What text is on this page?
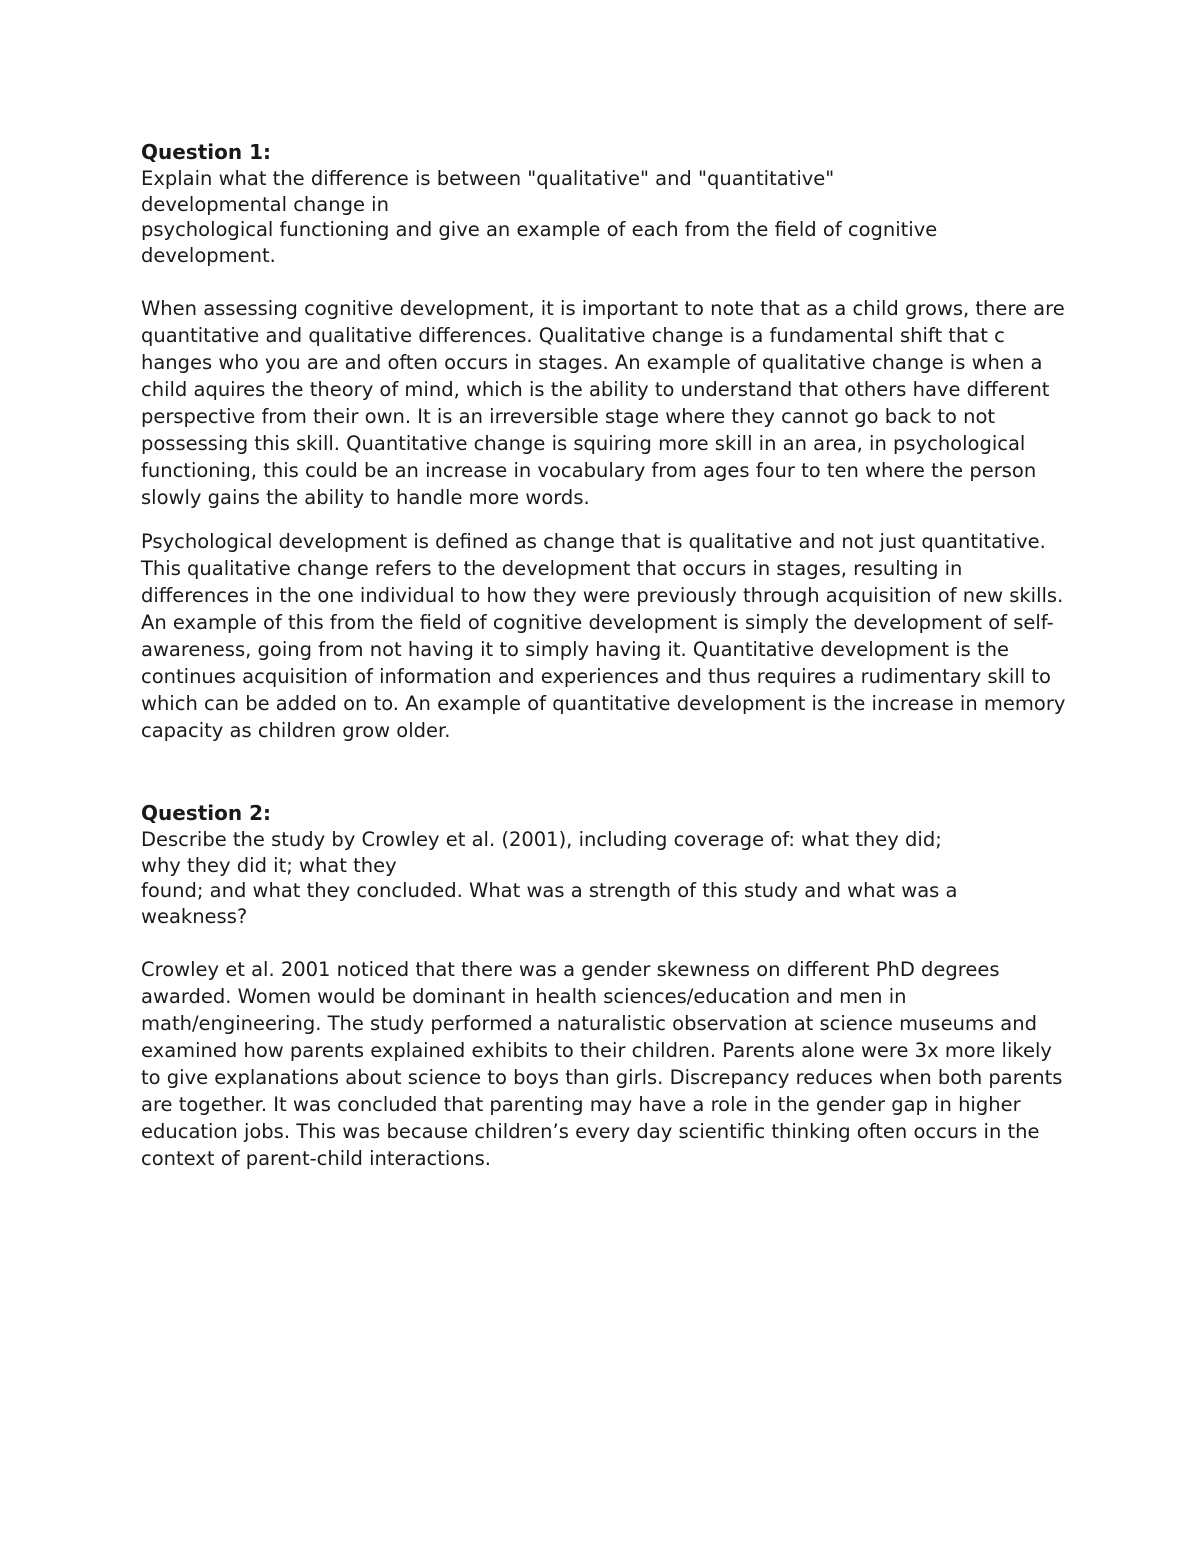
Question 1:

Explain what the difference is between "qualitative" and "quantitative"

developmental change in

psychological functioning and give an example of each from the field of cognitive

development.

When assessing cognitive development, it is important to note that as a child grows, there are quantitative and qualitative differences. Qualitative change is a fundamental shift that c hanges who you are and often occurs in stages. An example of qualitative change is when a child aquires the theory of mind, which is the ability to understand that others have different perspective from their own. It is an irreversible stage where they cannot go back to not possessing this skill. Quantitative change is squiring more skill in an area, in psychological functioning, this could be an increase in vocabulary from ages four to ten where the person slowly gains the ability to handle more words.

Psychological development is defined as change that is qualitative and not just quantitative. This qualitative change refers to the development that occurs in stages, resulting in differences in the one individual to how they were previously through acquisition of new skills. An example of this from the field of cognitive development is simply the development of self-awareness, going from not having it to simply having it. Quantitative development is the continues acquisition of information and experiences and thus requires a rudimentary skill to which can be added on to. An example of quantitative development is the increase in memory capacity as children grow older.

Question 2:

Describe the study by Crowley et al. (2001), including coverage of: what they did;

why they did it; what they

found; and what they concluded. What was a strength of this study and what was a

weakness?

Crowley et al. 2001 noticed that there was a gender skewness on different PhD degrees awarded. Women would be dominant in health sciences/education and men in math/engineering. The study performed a naturalistic observation at science museums and examined how parents explained exhibits to their children. Parents alone were 3x more likely to give explanations about science to boys than girls. Discrepancy reduces when both parents are together. It was concluded that parenting may have a role in the gender gap in higher education jobs. This was because children’s every day scientific thinking often occurs in the context of parent-child interactions.
